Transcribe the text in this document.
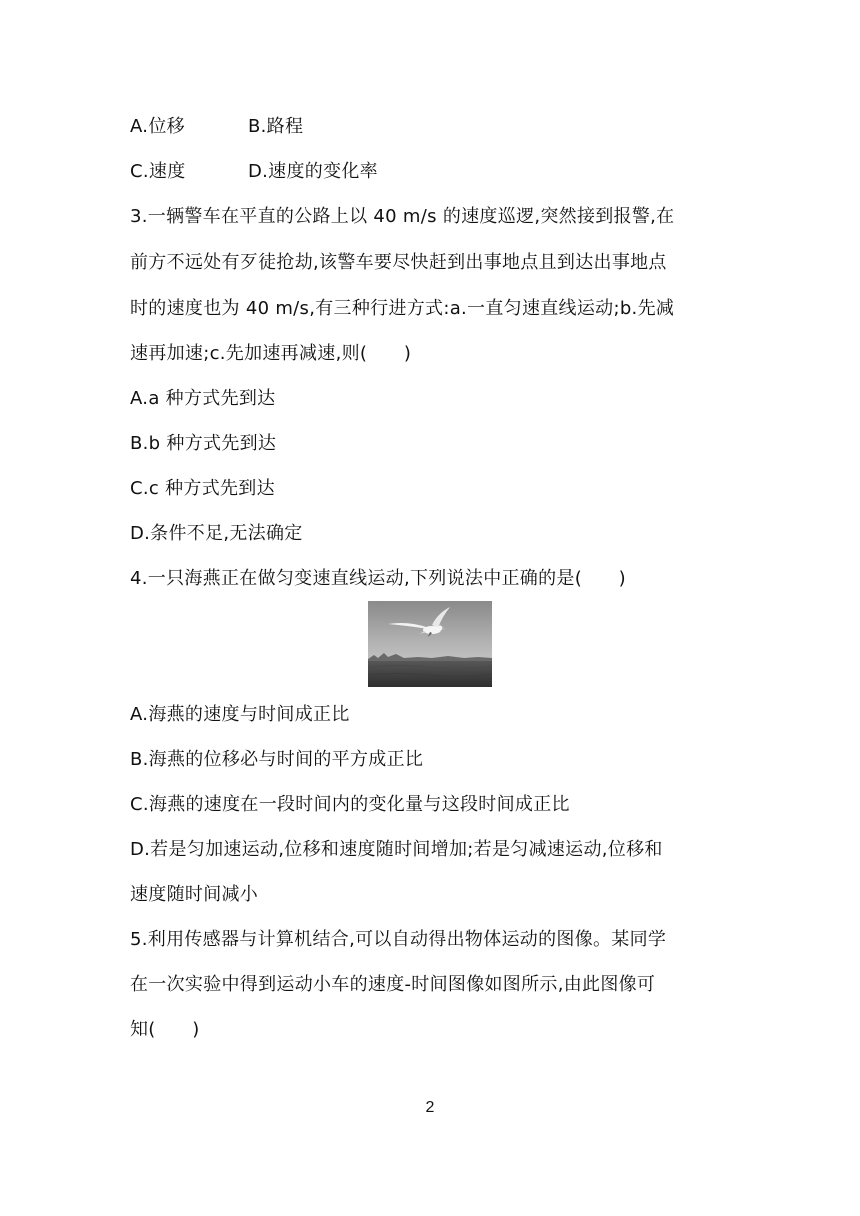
A.位移	B.路程
C.速度	D.速度的变化率
3.一辆警车在平直的公路上以 40 m/s 的速度巡逻,突然接到报警,在
前方不远处有歹徒抢劫,该警车要尽快赶到出事地点且到达出事地点
时的速度也为 40 m/s,有三种行进方式:a.一直匀速直线运动;b.先减
速再加速;c.先加速再减速,则(　　)
A.a 种方式先到达
B.b 种方式先到达
C.c 种方式先到达
D.条件不足,无法确定
4.一只海燕正在做匀变速直线运动,下列说法中正确的是(　　)
A.海燕的速度与时间成正比
B.海燕的位移必与时间的平方成正比
C.海燕的速度在一段时间内的变化量与这段时间成正比
D.若是匀加速运动,位移和速度随时间增加;若是匀减速运动,位移和
速度随时间减小
5.利用传感器与计算机结合,可以自动得出物体运动的图像。某同学
在一次实验中得到运动小车的速度-时间图像如图所示,由此图像可
知(　　)
2
